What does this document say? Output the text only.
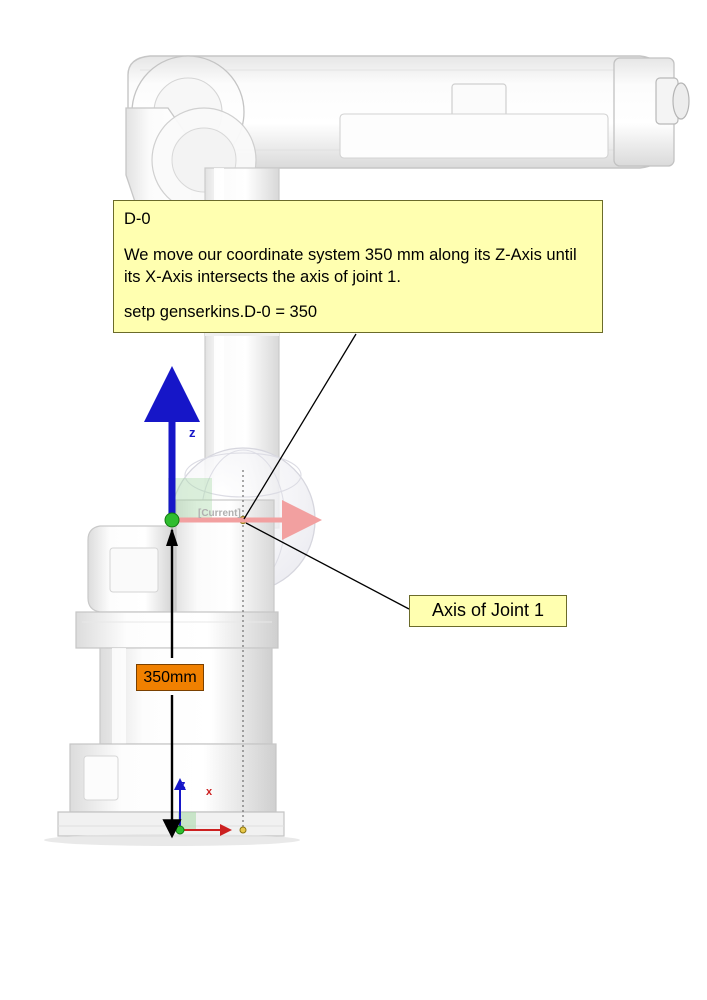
D-0
We move our coordinate system 350 mm along its Z-Axis until its X-Axis intersects the axis of joint 1.
setp genserkins.D-0 = 350
Axis of Joint 1
350mm
z
z
x
[Current]
